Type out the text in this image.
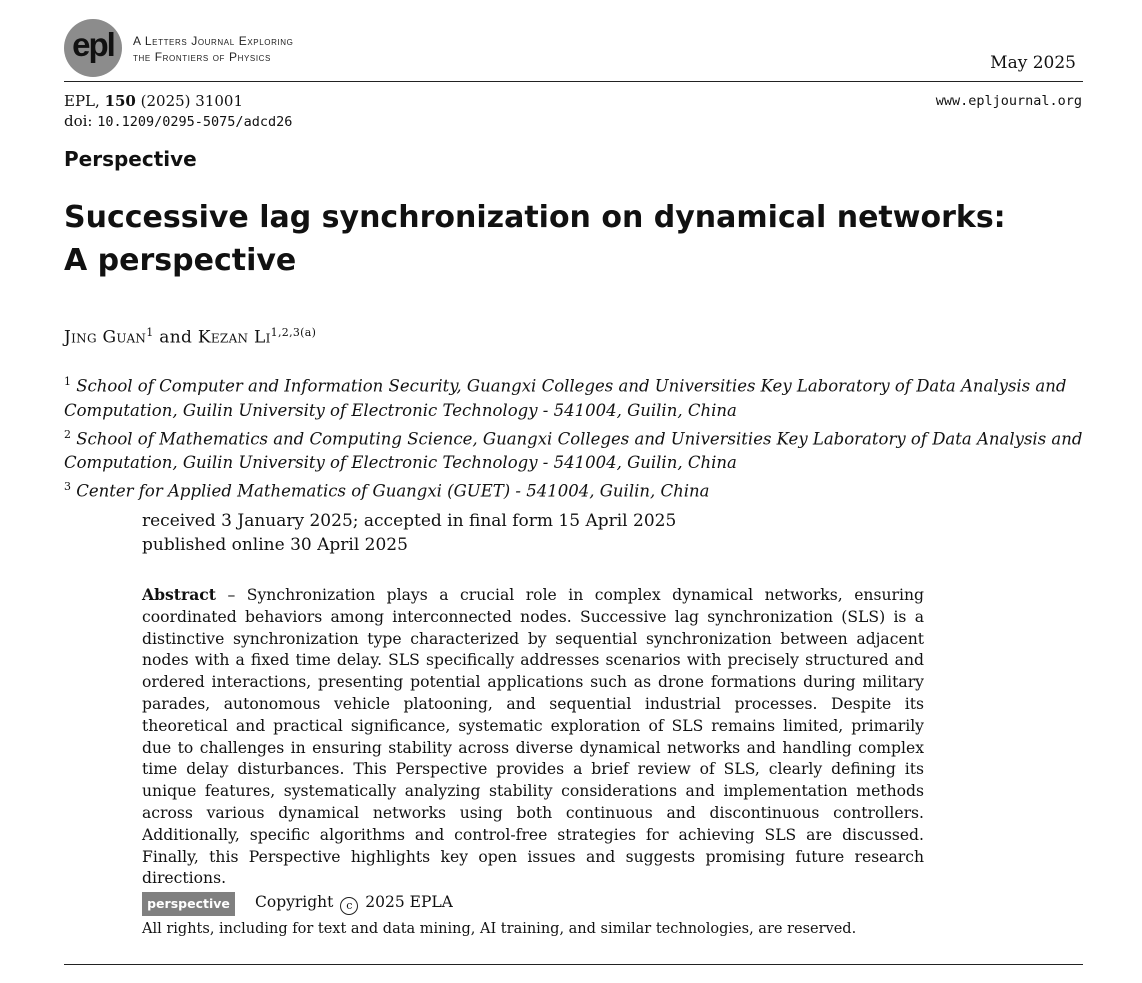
epl	A Letters Journal Exploring
the Frontiers of Physics	May 2025
EPL, 150 (2025) 31001
doi: 10.1209/0295-5075/adcd26
www.epljournal.org
Perspective
Successive lag synchronization on dynamical networks:
A perspective
Jing Guan$^1$ and Kezan $Li^{1,2,3(a)}$

$^1$ School of Computer and Information Security, Guangxi Colleges and Universities Key Laboratory of Data Analysis and Computation, Guilin University of Electronic Technology - 541004, Guilin, China

$^2$ School of Mathematics and Computing Science, Guangxi Colleges and Universities Key Laboratory of Data Analysis and Computation, Guilin University of Electronic Technology - 541004, Guilin, China

$^3$ Center for Applied Mathematics of Guangxi (GUET) - 541004, Guilin, China

received 3 January 2025; accepted in final form 15 April 2025
published online 30 April 2025
Abstract – Synchronization plays a crucial role in complex dynamical networks, ensuring coordinated behaviors among interconnected nodes. Successive lag synchronization (SLS) is a distinctive synchronization type characterized by sequential synchronization between adjacent nodes with a fixed time delay. SLS specifically addresses scenarios with precisely structured and ordered interactions, presenting potential applications such as drone formations during military parades, autonomous vehicle platooning, and sequential industrial processes. Despite its theoretical and practical significance, systematic exploration of SLS remains limited, primarily due to challenges in ensuring stability across diverse dynamical networks and handling complex time delay disturbances. This Perspective provides a brief review of SLS, clearly defining its unique features, systematically analyzing stability considerations and implementation methods across various dynamical networks using both continuous and discontinuous controllers. Additionally, specific algorithms and control-free strategies for achieving SLS are discussed. Finally, this Perspective highlights key open issues and suggests promising future research directions.
perspective	Copyright c 2025 EPLA
All rights, including for text and data mining, AI training, and similar technologies, are reserved.
